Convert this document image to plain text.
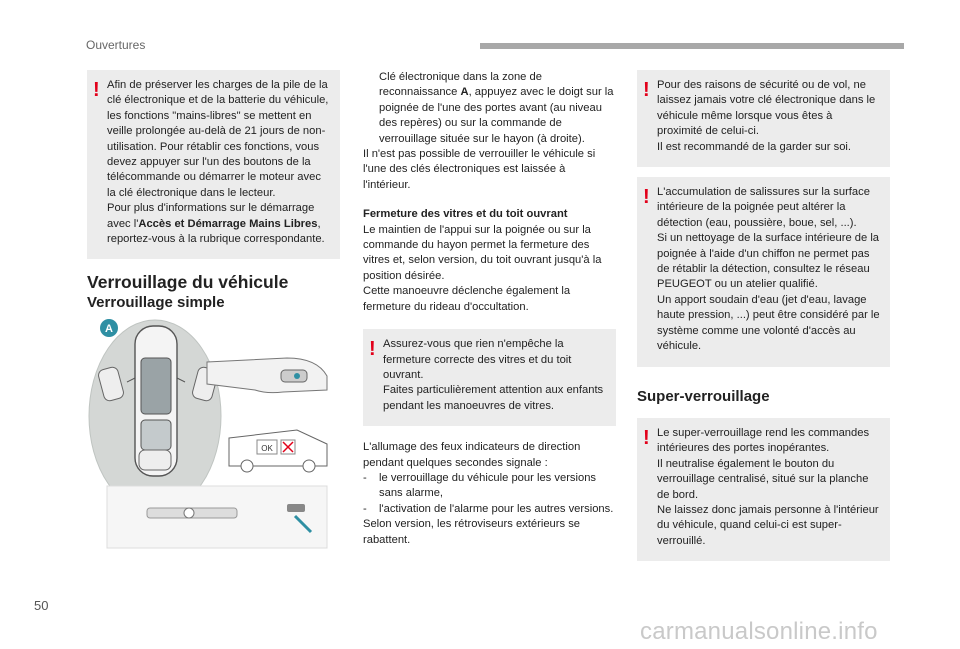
Ouvertures
! Afin de préserver les charges de la pile de la clé électronique et de la batterie du véhicule, les fonctions "mains-libres" se mettent en veille prolongée au-delà de 21 jours de non-utilisation. Pour rétablir ces fonctions, vous devez appuyer sur l'un des boutons de la télécommande ou démarrer le moteur avec la clé électronique dans le lecteur.
Pour plus d'informations sur le démarrage avec l'Accès et Démarrage Mains Libres, reportez-vous à la rubrique correspondante.

Verrouillage du véhicule
Verrouillage simple
A
OK
Clé électronique dans la zone de reconnaissance A, appuyez avec le doigt sur la poignée de l'une des portes avant (au niveau des repères) ou sur la commande de verrouillage située sur le hayon (à droite).

Il n'est pas possible de verrouiller le véhicule si l'une des clés électroniques est laissée à l'intérieur.

Fermeture des vitres et du toit ouvrant

Le maintien de l'appui sur la poignée ou sur la commande du hayon permet la fermeture des vitres et, selon version, du toit ouvrant jusqu'à la position désirée.
Cette manoeuvre déclenche également la fermeture du rideau d'occultation.

! Assurez-vous que rien n'empêche la fermeture correcte des vitres et du toit ouvrant.
Faites particulièrement attention aux enfants pendant les manoeuvres de vitres.

L'allumage des feux indicateurs de direction pendant quelques secondes signale :

-	le verrouillage du véhicule pour les versions sans alarme,
-	l'activation de l'alarme pour les autres versions.

Selon version, les rétroviseurs extérieurs se rabattent.

! Pour des raisons de sécurité ou de vol, ne laissez jamais votre clé électronique dans le véhicule même lorsque vous êtes à proximité de celui-ci.
Il est recommandé de la garder sur soi.

! L'accumulation de salissures sur la surface intérieure de la poignée peut altérer la détection (eau, poussière, boue, sel, ...).
Si un nettoyage de la surface intérieure de la poignée à l'aide d'un chiffon ne permet pas de rétablir la détection, consultez le réseau PEUGEOT ou un atelier qualifié.
Un apport soudain d'eau (jet d'eau, lavage haute pression, ...) peut être considéré par le système comme une volonté d'accès au véhicule.

Super-verrouillage
! Le super-verrouillage rend les commandes intérieures des portes inopérantes.
Il neutralise également le bouton du verrouillage centralisé, situé sur la planche de bord.
Ne laissez donc jamais personne à l'intérieur du véhicule, quand celui-ci est super-verrouillé.

50
carmanualsonline.info
